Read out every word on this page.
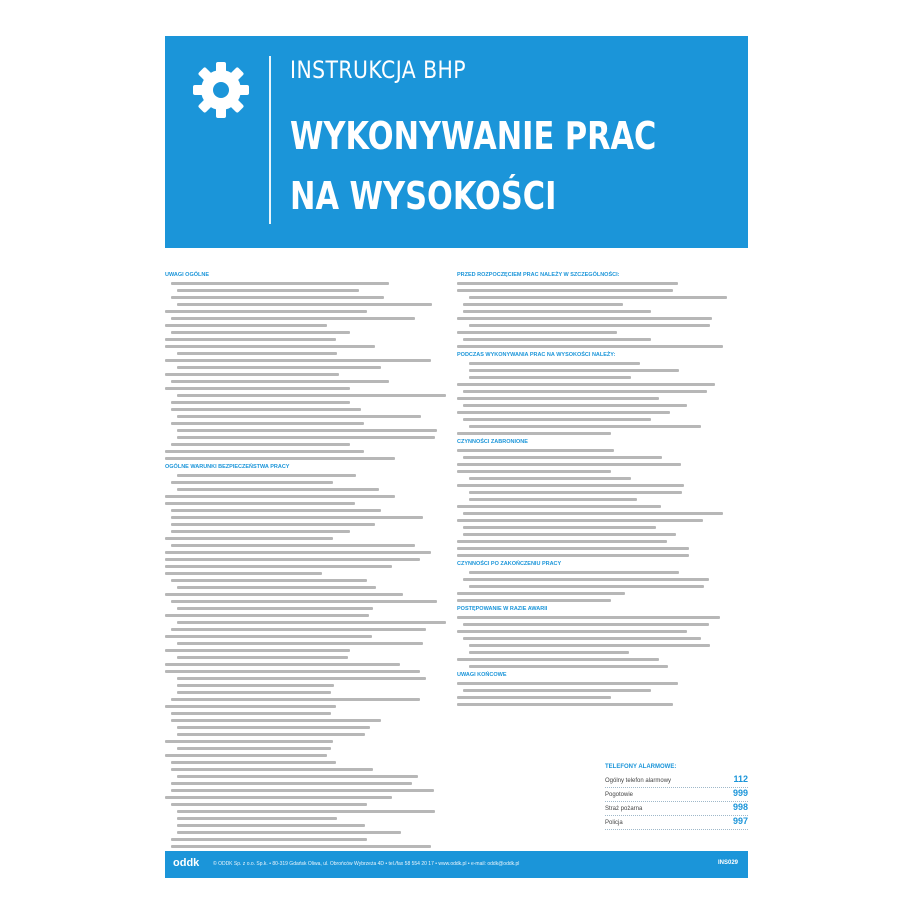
INSTRUKCJA BHP
WYKONYWANIE PRAC
NA WYSOKOŚCI
UWAGI OGÓLNE
OGÓLNE WARUNKI BEZPIECZEŃSTWA PRACY
PRZED ROZPOCZĘCIEM PRAC NALEŻY W SZCZEGÓLNOŚCI:
PODCZAS WYKONYWANIA PRAC NA WYSOKOŚCI NALEŻY:
CZYNNOŚCI ZABRONIONE
CZYNNOŚCI PO ZAKOŃCZENIU PRACY
POSTĘPOWANIE W RAZIE AWARII
UWAGI KOŃCOWE
TELEFONY ALARMOWE:
Ogólny telefon alarmowy	112
Pogotowie	999
Straż pożarna	998
Policja	997
oddk	© ODDK Sp. z o.o. Sp.k. • 80-319 Gdańsk Oliwa, ul. Obrońców Wybrzeża 4D • tel./fax 58 554 20 17 • www.oddk.pl • e-mail: oddk@oddk.pl	INS029
